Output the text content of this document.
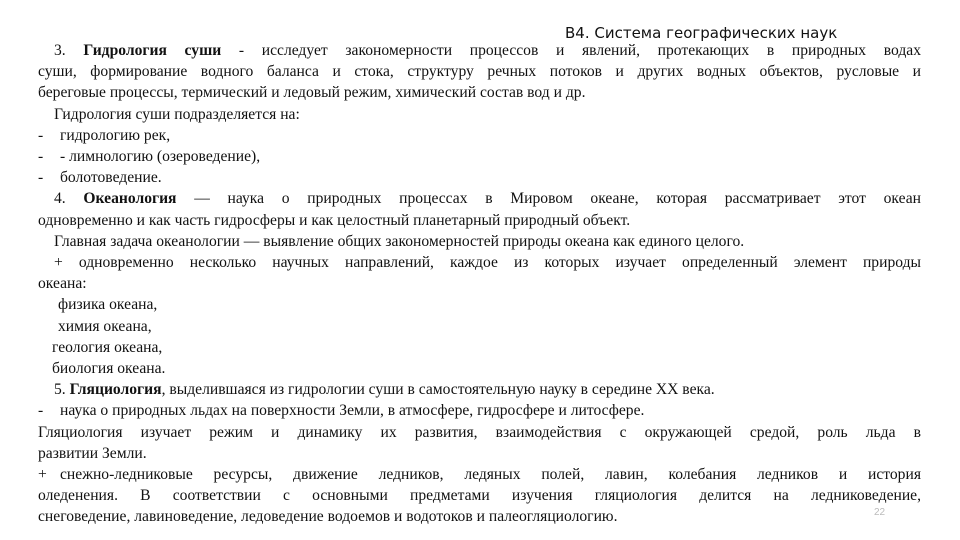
В4. Система географических наук

3. Гидрология суши - исследует закономерности процессов и явлений, протекающих в природных водах

суши, формирование водного баланса и стока, структуру речных потоков и других водных объектов, русловые и

береговые процессы, термический и ледовый режим, химический состав вод и др.

Гидрология суши подразделяется на:

- гидрологию рек,

- - лимнологию (озероведение),

- болотоведение.

4. Океанология — наука о природных процессах в Мировом океане, которая рассматривает этот океан

одновременно и как часть гидросферы и как целостный планетарный природный объект.

Главная задача океанологии — выявление общих закономерностей природы океана как единого целого.

+ одновременно несколько научных направлений, каждое из которых изучает определенный элемент природы

океана:

физика океана,

химия океана,

геология океана,

биология океана.

5. Гляциология, выделившаяся из гидрологии суши в самостоятельную науку в середине XX века.

- наука о природных льдах на поверхности Земли, в атмосфере, гидросфере и литосфере.

Гляциология изучает режим и динамику их развития, взаимодействия с окружающей средой, роль льда в

развитии Земли.

+ снежно-ледниковые ресурсы, движение ледников, ледяных полей, лавин, колебания ледников и история

оледенения. В соответствии с основными предметами изучения гляциология делится на ледниковедение,

снеговедение, лавиноведение, ледоведение водоемов и водотоков и палеогляциологию.	22
